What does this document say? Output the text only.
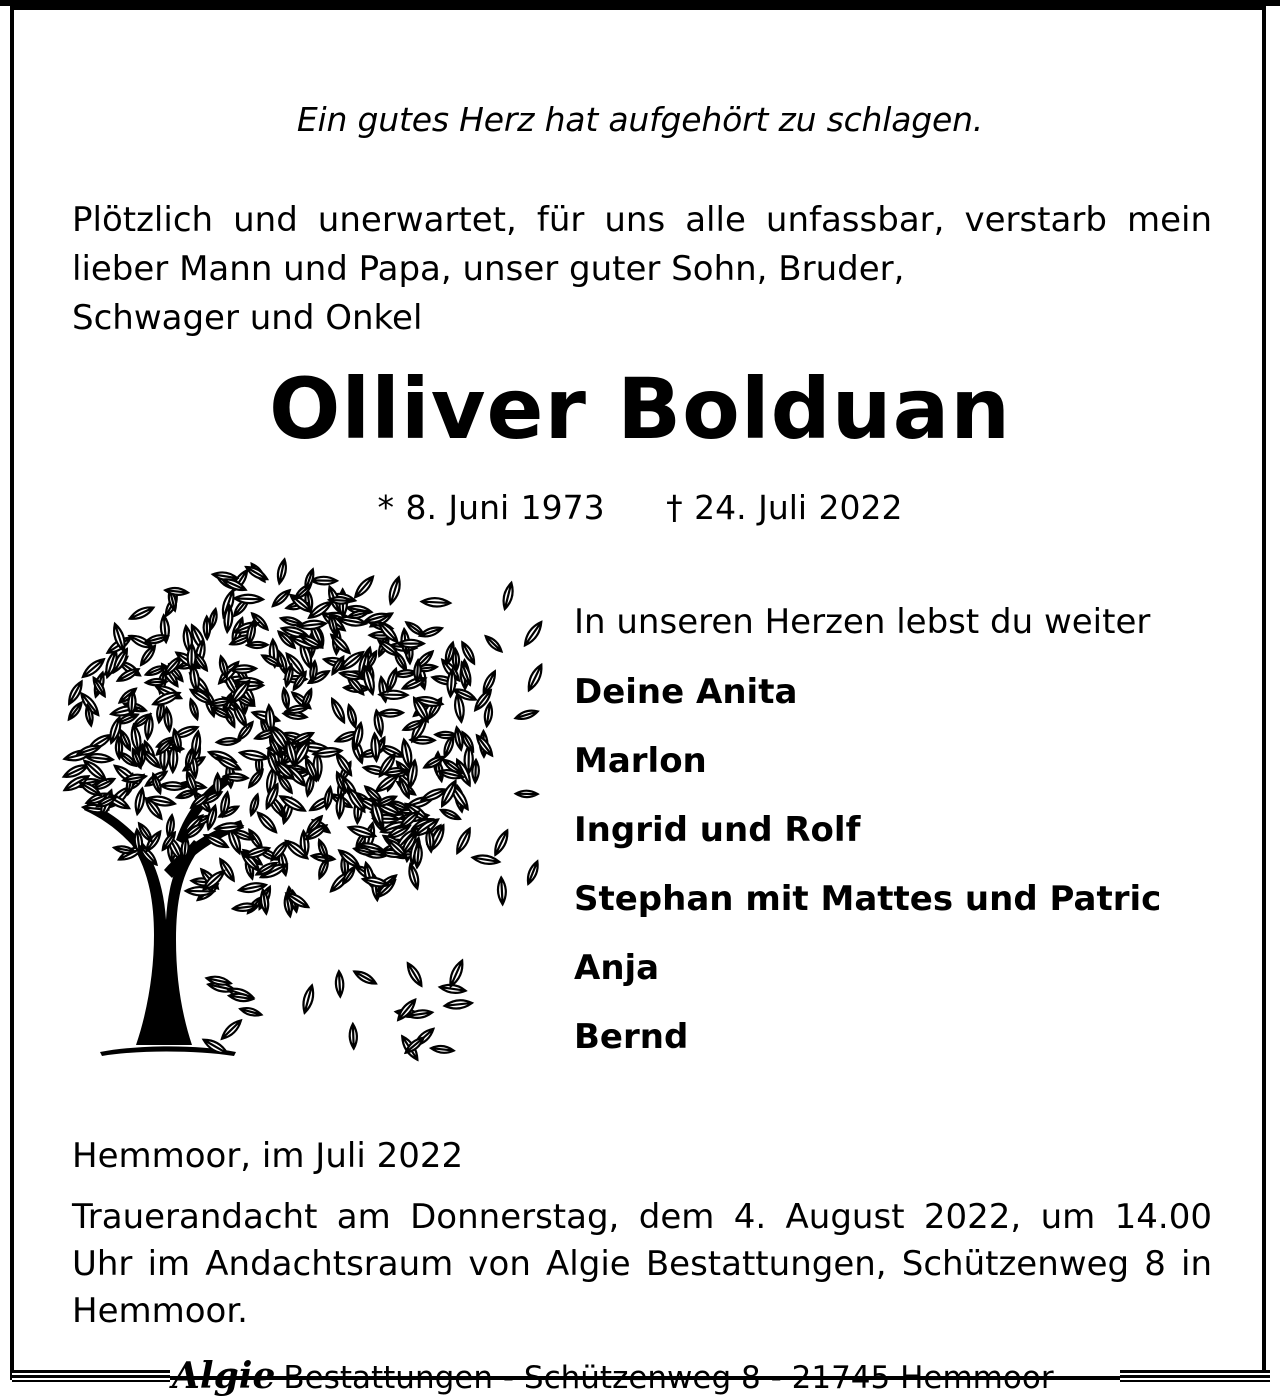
Ein gutes Herz hat aufgehört zu schlagen.
Plötzlich und unerwartet, für uns alle unfassbar, verstarb mein lieber Mann und Papa, unser guter Sohn, Bruder,
Schwager und Onkel
Olliver Bolduan
* 8. Juni 1973 † 24. Juli 2022
In unseren Herzen lebst du weiter
Deine Anita
Marlon
Ingrid und Rolf
Stephan mit Mattes und Patric
Anja
Bernd
Hemmoor, im Juli 2022
Trauerandacht am Donnerstag, dem 4. August 2022, um 14.00 Uhr im Andachtsraum von Algie Bestattungen, Schützenweg 8 in Hemmoor.
Algie Bestattungen - Schützenweg 8 - 21745 Hemmoor
